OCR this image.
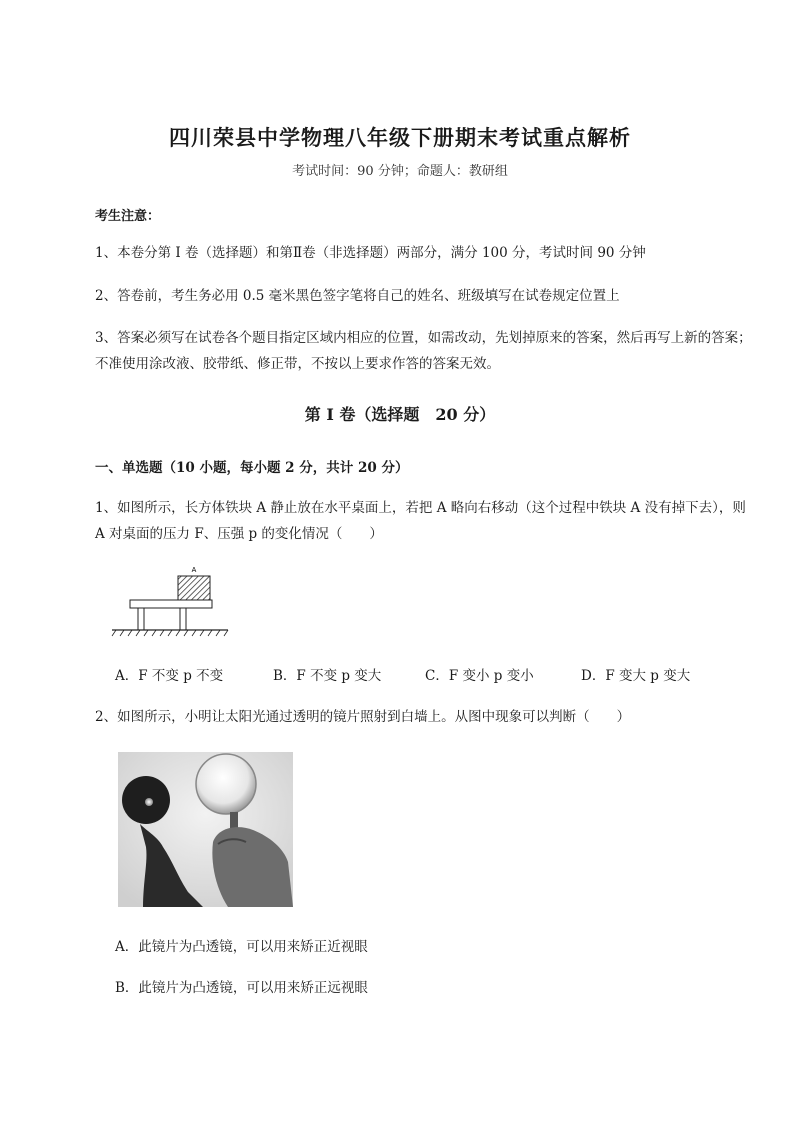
四川荣县中学物理八年级下册期末考试重点解析
考试时间：90 分钟；命题人：教研组
考生注意：
1、本卷分第 I 卷（选择题）和第Ⅱ卷（非选择题）两部分，满分 100 分，考试时间 90 分钟
2、答卷前，考生务必用 0.5 毫米黑色签字笔将自己的姓名、班级填写在试卷规定位置上
3、答案必须写在试卷各个题目指定区域内相应的位置，如需改动，先划掉原来的答案，然后再写上新的答案；不准使用涂改液、胶带纸、修正带，不按以上要求作答的答案无效。
第 I 卷（选择题　20 分）
一、单选题（10 小题，每小题 2 分，共计 20 分）
1、如图所示，长方体铁块 A 静止放在水平桌面上，若把 A 略向右移动（这个过程中铁块 A 没有掉下去），则 A 对桌面的压力 F、压强 p 的变化情况（　　）
A
A．F 不变 p 不变	B．F 不变 p 变大	C．F 变小 p 变小	D．F 变大 p 变大
2、如图所示，小明让太阳光通过透明的镜片照射到白墙上。从图中现象可以判断（　　）
A．此镜片为凸透镜，可以用来矫正近视眼
B．此镜片为凸透镜，可以用来矫正远视眼
